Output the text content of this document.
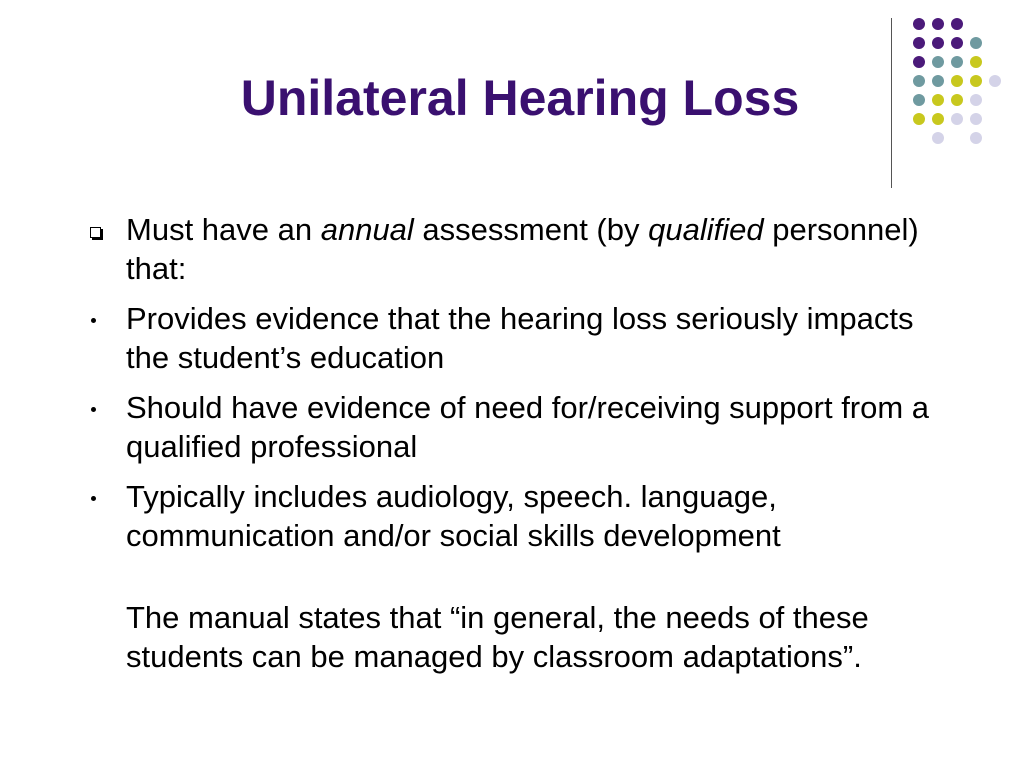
Unilateral Hearing Loss
Must have an annual assessment (by qualified personnel) that:
Provides evidence that the hearing loss seriously impacts the student’s education
Should have evidence of need for/receiving support from a qualified professional
Typically includes audiology, speech. language, communication and/or social skills development
The manual states that “in general, the needs of these students can be managed by classroom adaptations”.
